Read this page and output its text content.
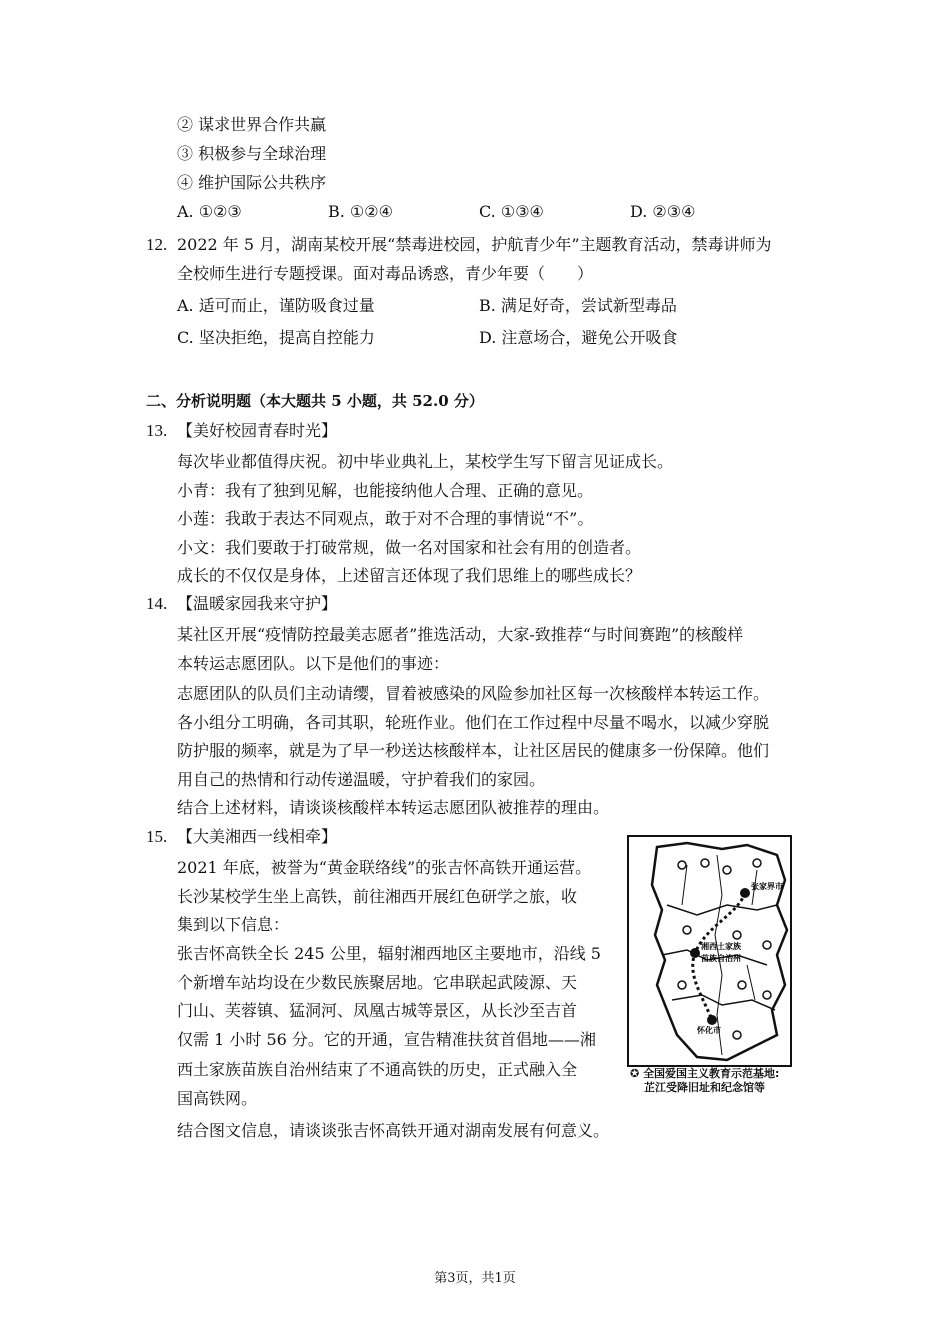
② 谋求世界合作共赢
③ 积极参与全球治理
④ 维护国际公共秩序
A. ①②③	B. ①②④	C. ①③④	D. ②③④
12. 2022 年 5 月，湖南某校开展“禁毒进校园，护航青少年”主题教育活动，禁毒讲师为
全校师生进行专题授课。面对毒品诱惑，青少年要（　　）
A. 适可而止，谨防吸食过量	B. 满足好奇，尝试新型毒品
C. 坚决拒绝，提高自控能力	D. 注意场合，避免公开吸食
二、分析说明题（本大题共 5 小题，共 52.0 分）
13. 【美好校园青春时光】
每次毕业都值得庆祝。初中毕业典礼上，某校学生写下留言见证成长。
小青：我有了独到见解，也能接纳他人合理、正确的意见。
小莲：我敢于表达不同观点，敢于对不合理的事情说“不”。
小文：我们要敢于打破常规，做一名对国家和社会有用的创造者。
成长的不仅仅是身体，上述留言还体现了我们思维上的哪些成长？
14. 【温暖家园我来守护】
某社区开展“疫情防控最美志愿者”推选活动，大家-致推荐“与时间赛跑”的核酸样
本转运志愿团队。以下是他们的事迹：
志愿团队的队员们主动请缨，冒着被感染的风险参加社区每一次核酸样本转运工作。
各小组分工明确，各司其职，轮班作业。他们在工作过程中尽量不喝水，以减少穿脱
防护服的频率，就是为了早一秒送达核酸样本，让社区居民的健康多一份保障。他们
用自己的热情和行动传递温暖，守护着我们的家园。
结合上述材料，请谈谈核酸样本转运志愿团队被推荐的理由。
15. 【大美湘西一线相牵】
2021 年底，被誉为“黄金联络线”的张吉怀高铁开通运营。
长沙某校学生坐上高铁，前往湘西开展红色研学之旅，收
集到以下信息：
张吉怀高铁全长 245 公里，辐射湘西地区主要地市，沿线 5
个新增车站均设在少数民族聚居地。它串联起武陵源、天
门山、芙蓉镇、猛洞河、凤凰古城等景区，从长沙至吉首
仅需 1 小时 56 分。它的开通，宣告精准扶贫首倡地——湘
西土家族苗族自治州结束了不通高铁的历史，正式融入全
国高铁网。
结合图文信息，请谈谈张吉怀高铁开通对湖南发展有何意义。
张家界市
湘西土家族
苗族自治州
怀化市
✪ 全国爱国主义教育示范基地:
芷江受降旧址和纪念馆等
第3页，共1页
